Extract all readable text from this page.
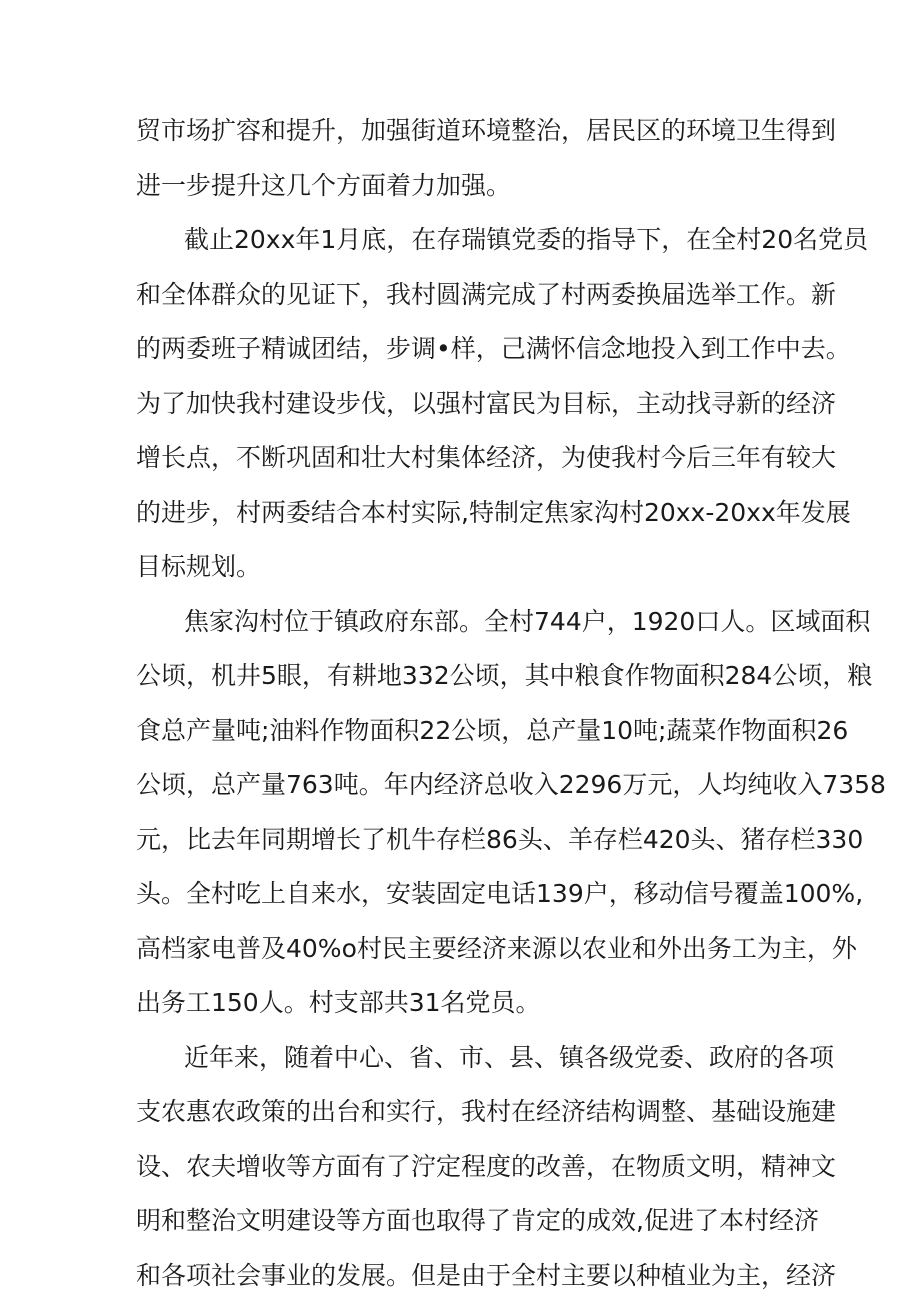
贸市场扩容和提升，加强街道环境整治，居民区的环境卫生得到
进一步提升这几个方面着力加强。
截止20xx年1月底，在存瑞镇党委的指导下，在全村20名党员
和全体群众的见证下，我村圆满完成了村两委换届选举工作。新
的两委班子精诚团结，步调•样，己满怀信念地投入到工作中去。
为了加快我村建设步伐，以强村富民为目标，主动找寻新的经济
增长点，不断巩固和壮大村集体经济，为使我村今后三年有较大
的进步，村两委结合本村实际,特制定焦家沟村20xx-20xx年发展
目标规划。
焦家沟村位于镇政府东部。全村744户，1920口人。区域面积
公顷，机井5眼，有耕地332公顷，其中粮食作物面积284公顷，粮
食总产量吨;油料作物面积22公顷，总产量10吨;蔬菜作物面积26
公顷，总产量763吨。年内经济总收入2296万元，人均纯收入7358
元，比去年同期增长了机牛存栏86头、羊存栏420头、猪存栏330
头。全村吃上自来水，安装固定电话139户，移动信号覆盖100%,
高档家电普及40%o村民主要经济来源以农业和外出务工为主，外
出务工150人。村支部共31名党员。
近年来，随着中心、省、市、县、镇各级党委、政府的各项
支农惠农政策的出台和实行，我村在经济结构调整、基础设施建
设、农夫增收等方面有了泞定程度的改善，在物质文明，精神文
明和整治文明建设等方面也取得了肯定的成效,促进了本村经济
和各项社会事业的发展。但是由于全村主要以种植业为主，经济
